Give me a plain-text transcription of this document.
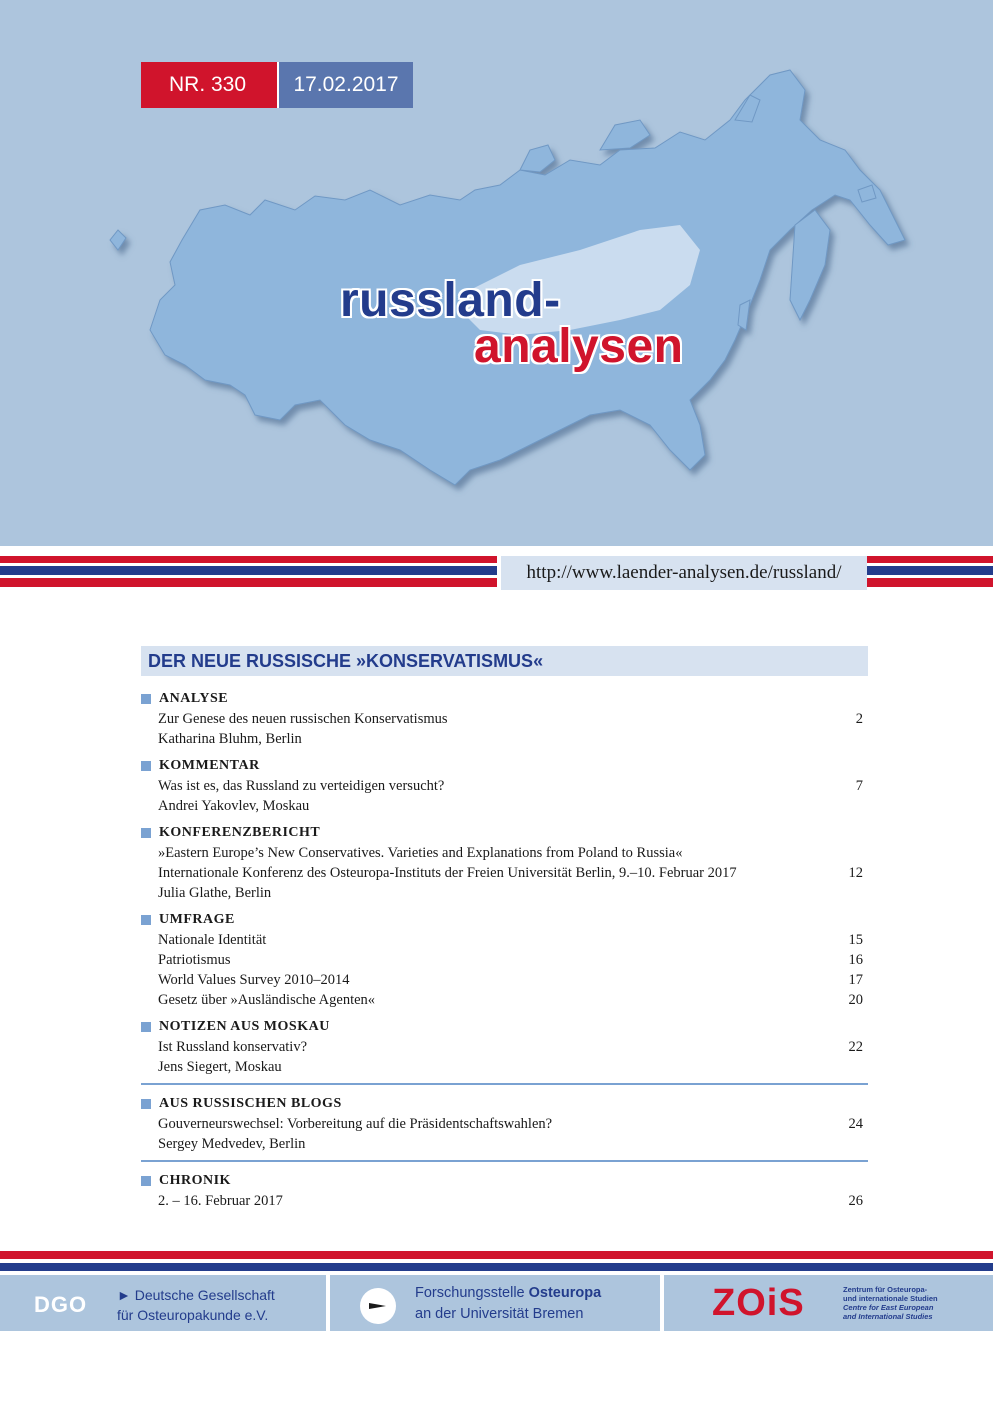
NR. 330	17.02.2017
russland-
analysen
http://www.laender-analysen.de/russland/
DER NEUE RUSSISCHE »KONSERVATISMUS«
ANALYSE
Zur Genese des neuen russischen Konservatismus	2
Katharina Bluhm, Berlin
KOMMENTAR
Was ist es, das Russland zu verteidigen versucht?	7
Andrei Yakovlev, Moskau
KONFERENZBERICHT
»Eastern Europe’s New Conservatives. Varieties and Explanations from Poland to Russia«
Internationale Konferenz des Osteuropa-Instituts der Freien Universität Berlin, 9.–10. Februar 2017	12
Julia Glathe, Berlin
UMFRAGE
Nationale Identität	15
Patriotismus	16
World Values Survey 2010–2014	17
Gesetz über »Ausländische Agenten«	20
NOTIZEN AUS MOSKAU
Ist Russland konservativ?	22
Jens Siegert, Moskau
AUS RUSSISCHEN BLOGS
Gouverneurswechsel: Vorbereitung auf die Präsidentschaftswahlen?	24
Sergey Medvedev, Berlin
CHRONIK
2. – 16. Februar 2017	26
DGO ► Deutsche Gesellschaft
für Osteuropakunde e.V.
Forschungsstelle Osteuropa
an der Universität Bremen	ZOiS	Zentrum für Osteuropa-
und internationale Studien
Centre for East European
and International Studies
